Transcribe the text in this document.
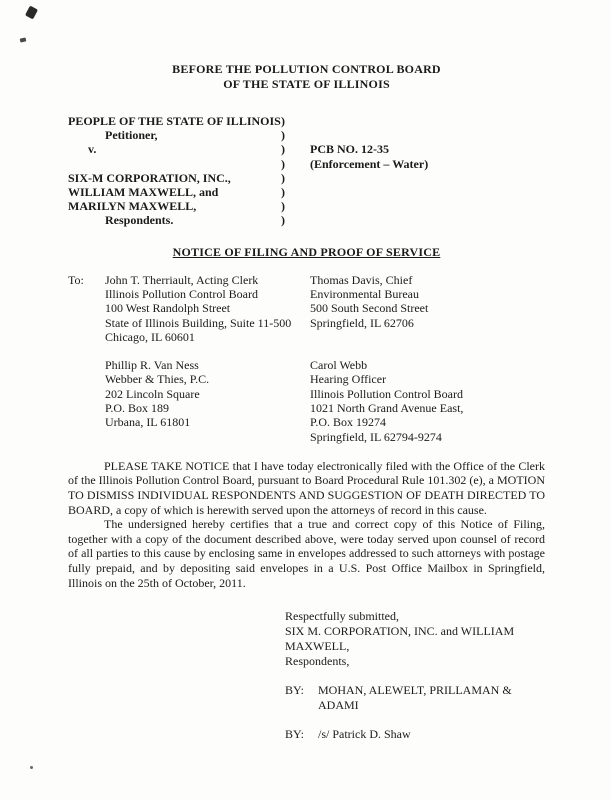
BEFORE THE POLLUTION CONTROL BOARD
OF THE STATE OF ILLINOIS
PEOPLE OF THE STATE OF ILLINOIS )
Petitioner,	)
v.	)	PCB NO. 12-35
)	(Enforcement – Water)
SIX-M CORPORATION, INC.,	)
WILLIAM MAXWELL, and	)
MARILYN MAXWELL,	)
Respondents.	)
NOTICE OF FILING AND PROOF OF SERVICE
To: John T. Therriault, Acting Clerk
Illinois Pollution Control Board
100 West Randolph Street
State of Illinois Building, Suite 11-500
Chicago, IL 60601
Thomas Davis, Chief
Environmental Bureau
500 South Second Street
Springfield, IL 62706
Phillip R. Van Ness
Webber & Thies, P.C.
202 Lincoln Square
P.O. Box 189
Urbana, IL 61801
Carol Webb
Hearing Officer
Illinois Pollution Control Board
1021 North Grand Avenue East,
P.O. Box 19274
Springfield, IL 62794-9274

PLEASE TAKE NOTICE that I have today electronically filed with the Office of the Clerk of the Illinois Pollution Control Board, pursuant to Board Procedural Rule 101.302 (e), a MOTION TO DISMISS INDIVIDUAL RESPONDENTS AND SUGGESTION OF DEATH DIRECTED TO BOARD, a copy of which is herewith served upon the attorneys of record in this cause.

The undersigned hereby certifies that a true and correct copy of this Notice of Filing, together with a copy of the document described above, were today served upon counsel of record of all parties to this cause by enclosing same in envelopes addressed to such attorneys with postage fully prepaid, and by depositing said envelopes in a U.S. Post Office Mailbox in Springfield, Illinois on the 25th of October, 2011.

Respectfully submitted,
SIX M. CORPORATION, INC. and WILLIAM
MAXWELL,
Respondents,
BY: MOHAN, ALEWELT, PRILLAMAN & ADAMI
BY: /s/ Patrick D. Shaw
